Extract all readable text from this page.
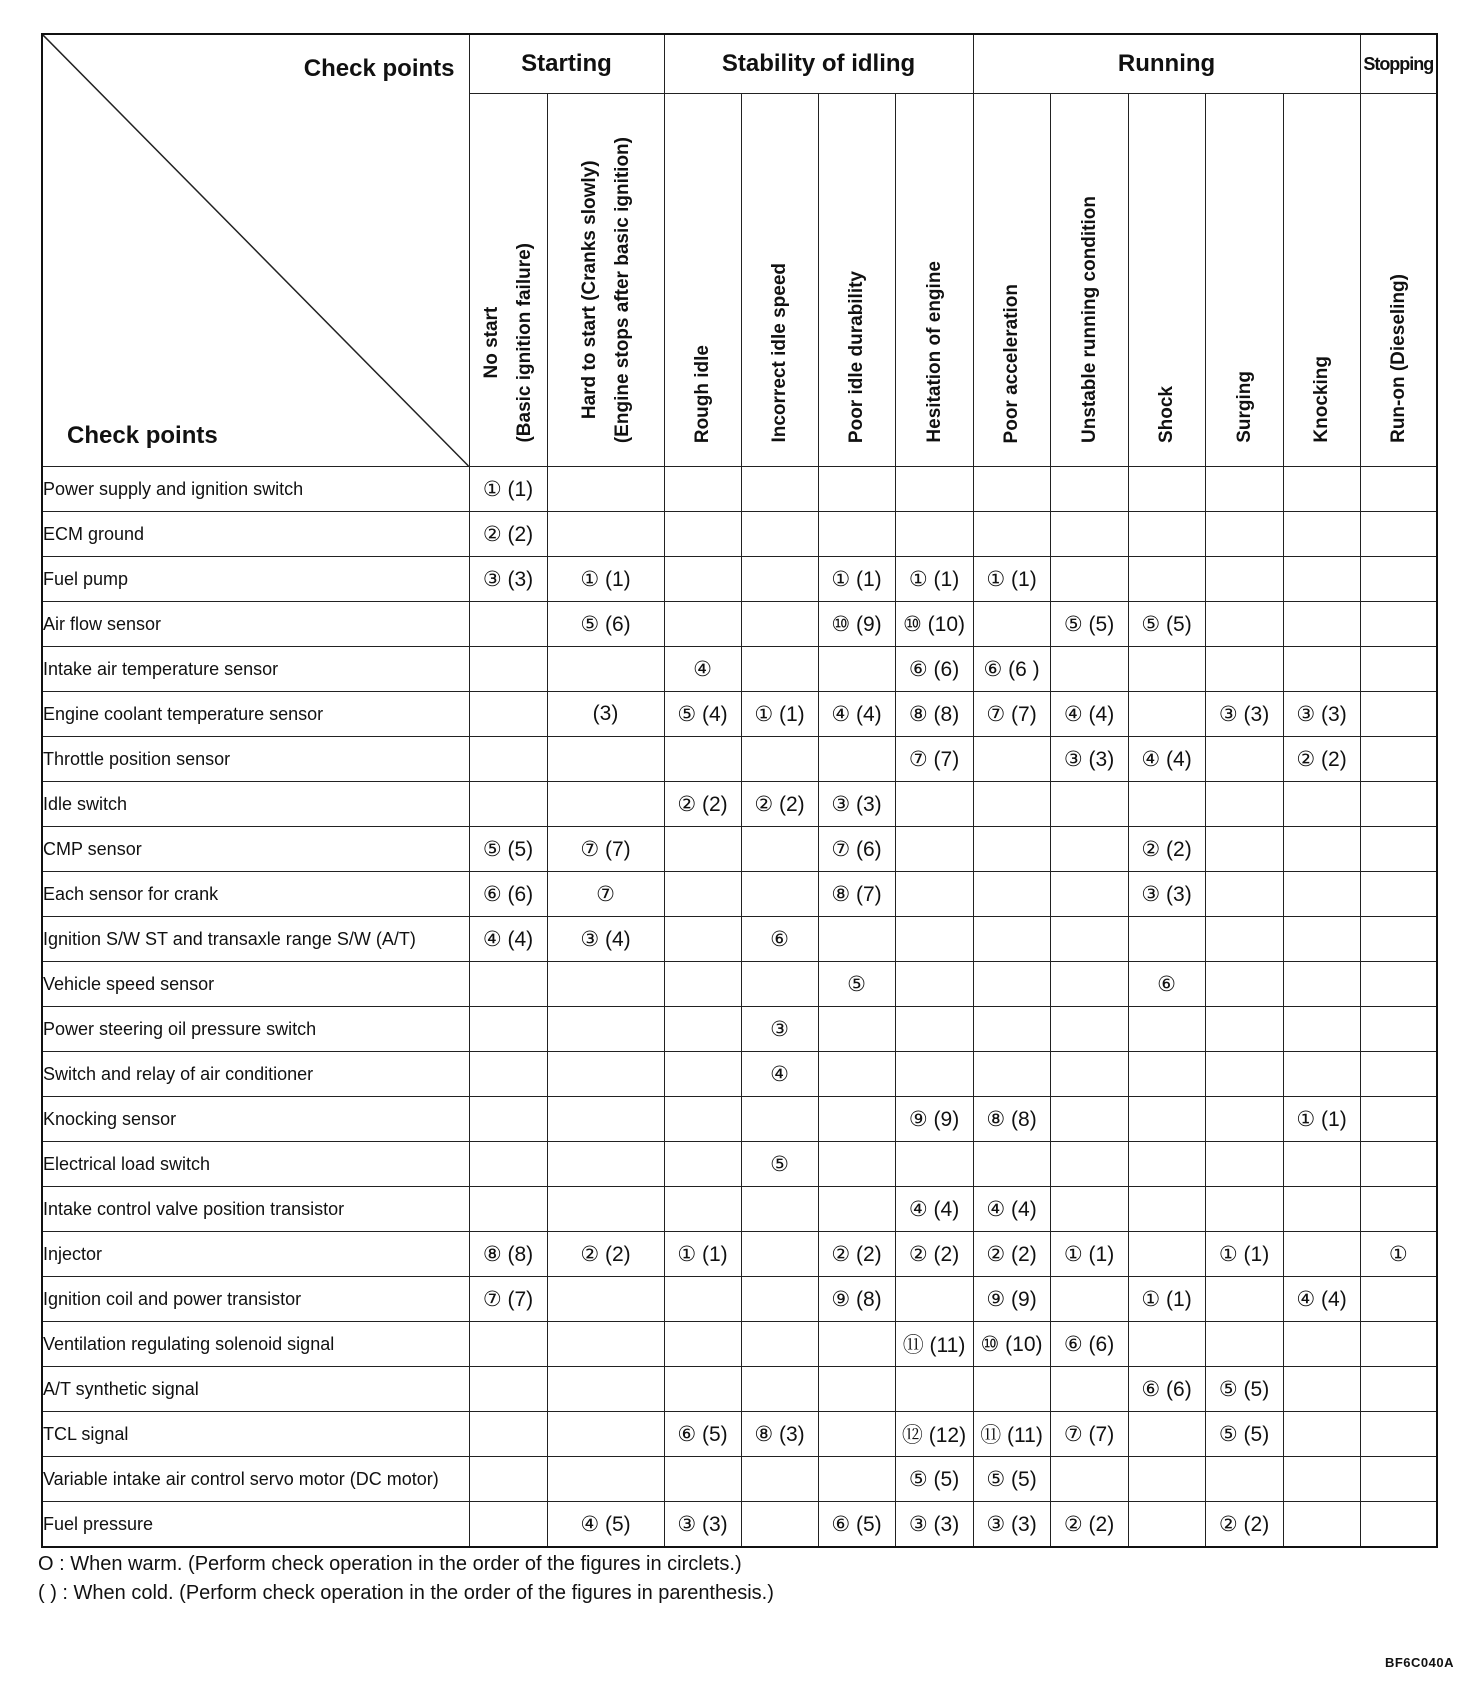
Check points
Check points	Starting		Stability of idling				Running					Stopping
	No start (Basic ignition failure)	Hard to start (Cranks slowly) (Engine stops after basic ignition)	Rough idle	Incorrect idle speed	Poor idle durability	Hesitation of engine	Poor acceleration	Unstable running condition	Shock	Surging	Knocking	Run-on (Dieseling)
Power supply and ignition switch	① (1)											
ECM ground	② (2)											
Fuel pump	③ (3)	① (1)			① (1)	① (1)	① (1)					
Air flow sensor		⑤ (6)			⑩ (9)	⑩ (10)		⑤ (5)	⑤ (5)			
Intake air temperature sensor			④			⑥ (6)	⑥ (6 )					
Engine coolant temperature sensor		(3)	⑤ (4)	① (1)	④ (4)	⑧ (8)	⑦ (7)	④ (4)		③ (3)	③ (3)	
Throttle position sensor						⑦ (7)		③ (3)	④ (4)		② (2)	
Idle switch			② (2)	② (2)	③ (3)							
CMP sensor	⑤ (5)	⑦ (7)			⑦ (6)				② (2)			
Each sensor for crank	⑥ (6)	⑦			⑧ (7)				③ (3)			
Ignition S/W ST and transaxle range S/W (A/T)	④ (4)	③ (4)		⑥								
Vehicle speed sensor					⑤				⑥			
Power steering oil pressure switch				③								
Switch and relay of air conditioner				④								
Knocking sensor						⑨ (9)	⑧ (8)				① (1)	
Electrical load switch				⑤								
Intake control valve position transistor						④ (4)	④ (4)					
Injector	⑧ (8)	② (2)	① (1)		② (2)	② (2)	② (2)	① (1)		① (1)		①
Ignition coil and power transistor	⑦ (7)				⑨ (8)		⑨ (9)		① (1)		④ (4)	
Ventilation regulating solenoid signal						⑪ (11)	⑩ (10)	⑥ (6)				
A/T synthetic signal									⑥ (6)	⑤ (5)		
TCL signal			⑥ (5)	⑧ (3)		⑫ (12)	⑪ (11)	⑦ (7)		⑤ (5)		
Variable intake air control servo motor (DC motor)						⑤ (5)	⑤ (5)					
Fuel pressure		④ (5)	③ (3)		⑥ (5)	③ (3)	③ (3)	② (2)		② (2)		
O : When warm. (Perform check operation in the order of the figures in circlets.)
( ) : When cold. (Perform check operation in the order of the figures in parenthesis.)
BF6C040A
